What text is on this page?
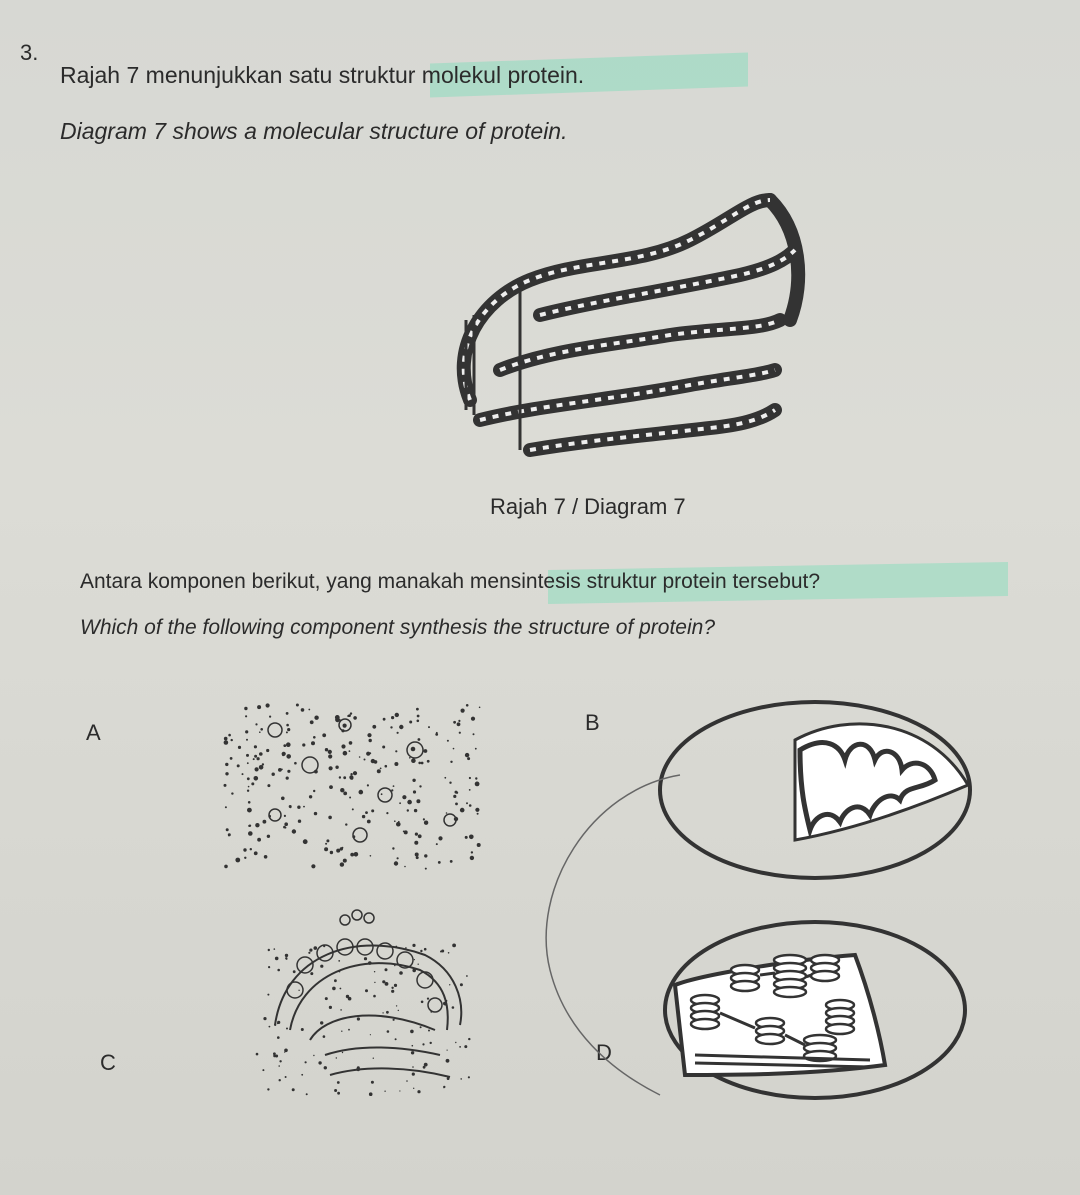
3.
Rajah 7 menunjukkan satu struktur molekul protein.
Diagram 7 shows a molecular structure of protein.
Rajah 7 / Diagram 7
Antara komponen berikut, yang manakah mensintesis struktur protein tersebut?
Which of the following component synthesis the structure of protein?
A	B
C	D
